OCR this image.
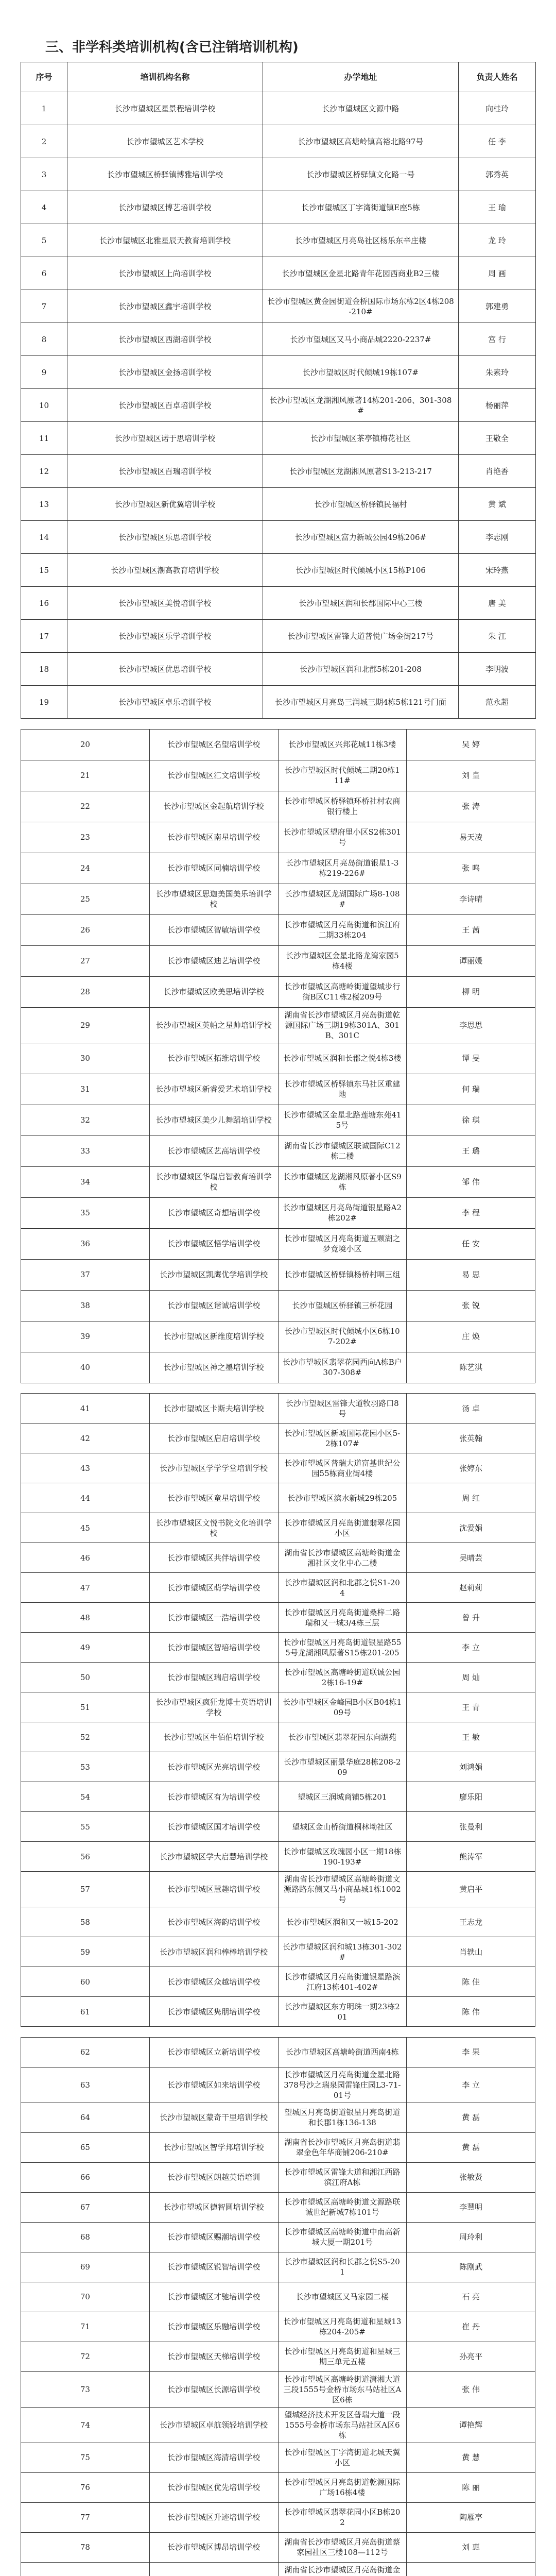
三、非学科类培训机构(含已注销培训机构)
序号	培训机构名称	办学地址	负责人姓名
1	长沙市望城区星景程培训学校	长沙市望城区文源中路	向桂玲
2	长沙市望城区艺术学校	长沙市望城区高塘岭镇高裕北路97号	任 李
3	长沙市望城区桥驿镇博雅培训学校	长沙市望城区桥驿镇文化路一号	郭秀英
4	长沙市望城区博艺培训学校	长沙市望城区丁字湾街道镇E座5栋	王 瑜
5	长沙市望城区北雅星辰天教育培训学校	长沙市望城区月亮岛社区杨乐东辛庄楼	龙 玲
6	长沙市望城区上尚培训学校	长沙市望城区金星北路青年花园西商业B2三楼	周 画
7	长沙市望城区鑫宇培训学校	长沙市望城区黄金园街道金桥国际市场东栋2区4栋208-210#	郭建勇
8	长沙市望城区西湖培训学校	长沙市望城区又马小商品城2220-2237#	宫 行
9	长沙市望城区金扬培训学校	长沙市望城区时代倾城19栋107#	朱素玲
10	长沙市望城区百卓培训学校	长沙市望城区龙湖湘风原著14栋201-206、301-308#	杨丽萍
11	长沙市望城区诺于思培训学校	长沙市望城区茶亭镇梅花社区	王敬全
12	长沙市望城区百瑞培训学校	长沙市望城区龙湖湘风原著S13-213-217	肖艳香
13	长沙市望城区新优翼培训学校	长沙市望城区桥驿镇民福村	黄 斌
14	长沙市望城区乐思培训学校	长沙市望城区富力新城公园49栋206#	李志刚
15	长沙市望城区潮高教育培训学校	长沙市望城区时代倾城小区15栋P106	宋玲燕
16	长沙市望城区美悦培训学校	长沙市望城区润和长郡国际中心三楼	唐 美
17	长沙市望城区乐学培训学校	长沙市望城区雷锋大道普悦广场金街217号	朱 江
18	长沙市望城区优思培训学校	长沙市望城区润和北郡5栋201-208	李明波
19	长沙市望城区卓乐培训学校	长沙市望城区月亮岛三润城三期4栋5栋121号门面	范永超

20	长沙市望城区名望培训学校	长沙市望城区兴邦花城11栋3楼	吴 婷
21	长沙市望城区汇文培训学校	长沙市望城区时代倾城二期20栋111#	刘 皇
22	长沙市望城区金起航培训学校	长沙市望城区桥驿镇环桥社村农商银行楼上	张 涛
23	长沙市望城区南星培训学校	长沙市望城区望府里小区S2栋301号	易天凌
24	长沙市望城区同楠培训学校	长沙市望城区月亮岛街道银星1-3栋219-226#	张 鸣
25	长沙市望城区思迦美国美乐培训学校	长沙市望城区龙湖国际广场8-108#	李诗晴
26	长沙市望城区智敏培训学校	长沙市望城区月亮岛街道和滨江府二期33栋204	王 茜
27	长沙市望城区迪艺培训学校	长沙市望城区金星北路龙湾家园5栋4楼	谭丽媛
28	长沙市望城区欧美思培训学校	长沙市望城区高塘岭街道望城步行街B区C11栋2楼209号	柳 明
29	长沙市望城区英帕之星帅培训学校	湖南省长沙市望城区月亮岛街道乾源国际广场三期19栋301A、301B、301C	李思思
30	长沙市望城区拓维培训学校	长沙市望城区润和长郡之悦4栋3楼	谭 旻
31	长沙市望城区新睿爱艺术培训学校	长沙市望城区桥驿镇东马社区重建地	何 瑞
32	长沙市望城区美少儿舞蹈培训学校	长沙市望城区金星北路莲塘东苑415号	徐 琪
33	长沙市望城区艺高培训学校	湖南省长沙市望城区联诚国际C12栋二楼	王 璐
34	长沙市望城区华瑞启智教育培训学校	长沙市望城区龙湖湘风原著小区S9栋	邹 伟
35	长沙市望城区奇想培训学校	长沙市望城区月亮岛街道银星路A2栋202#	李 程
36	长沙市望城区悟学培训学校	长沙市望城区月亮岛街道五颗湖之梦竟境小区	任 安
37	长沙市望城区凯鹰优学培训学校	长沙市望城区桥驿镇杨桥村咽三组	易 思
38	长沙市望城区谐诚培训学校	长沙市望城区桥驿镇三桥花园	张 锐
39	长沙市望城区新维度培训学校	长沙市望城区时代倾城小区6栋107-202#	庄 焕
40	长沙市望城区神之墨培训学校	长沙市望城区翡翠花园西向A栋B户307-308#	陈艺淇

41	长沙市望城区卡斯夫培训学校	长沙市望城区雷锋大道牧羽路口8号	汤 卓
42	长沙市望城区启启培训学校	长沙市望城区新城国际花园小区5-2栋107#	张英翰
43	长沙市望城区学学学堂培训学校	长沙市望城区普瑞大道富基世纪公园55栋商业街4楼	张婷东
44	长沙市望城区童星培训学校	长沙市望城区滨水新城29栋205	周 红
45	长沙市望城区文悦书院文化培训学校	长沙市望城区月亮岛街道翡翠花园小区	沈爱娟
46	长沙市望城区共伴培训学校	湖南省长沙市望城区高塘岭街道金湘社区文化中心二楼	吴晴芸
47	长沙市望城区萌学培训学校	长沙市望城区润和北郡之悦S1-204	赵莉莉
48	长沙市望城区一浩培训学校	长沙市望城区月亮岛街道桑梓二路瑞和又一城3/4栋三层	曾 升
49	长沙市望城区智培培训学校	长沙市望城区月亮岛街道银星路555号龙湖湘风原著S15栋201-205	李 立
50	长沙市望城区瑞启培训学校	长沙市望城区高塘岭街道联诚公园2栋16-19#	周 灿
51	长沙市望城区疯狂龙博士英语培训学校	长沙市望城区金峰园B小区B04栋109号	王 青
52	长沙市望城区牛佰伯培训学校	长沙市望城区翡翠花园东向湖苑	王 敏
53	长沙市望城区光亮培训学校	长沙市望城区丽景华庭28栋208-209	刘鸿娟
54	长沙市望城区有为培训学校	望城区三润城商铺5栋201	廖乐阳
55	长沙市望城区国才培训学校	望城区金山桥街道桐林坳社区	张曼利
56	长沙市望城区学大启慧培训学校	长沙市望城区玫瑰园小区一期18栋190-193#	熊涛军
57	长沙市望城区慧趣培训学校	湖南省长沙市望城区高塘岭街道文源路路东侧又马小商品城1栋1002号	黄启平
58	长沙市望城区海韵培训学校	长沙市望城区润和又一城15-202	王志龙
59	长沙市望城区润和棒棒培训学校	长沙市望城区润和城13栋301-302#	肖轶山
60	长沙市望城区众越培训学校	长沙市望城区月亮岛街道银星路滨江府13栋401-402#	陈 佳
61	长沙市望城区隽朋培训学校	长沙市望城区东方明珠一期23栋201	陈 伟

62	长沙市望城区立新培训学校	长沙市望城区高塘岭街道西南4栋	李 果
63	长沙市望城区如来培训学校	长沙市望城区月亮岛街道金星北路378号沙之瑞泉园雷锋庄园L3-71-01号	李 立
64	长沙市望城区蒙奇干里培训学校	望城区月亮岛街道银星月亮岛街道和长郡1栋136-138	黄 磊
65	长沙市望城区智学邦培训学校	湖南省长沙市望城区月亮岛街道翡翠金色年华商铺206-210#	黄 磊
66	长沙市望城区朗越英语培训	长沙市望城区雷锋大道和湘江西路滨江府A栋	张敏贤
67	长沙市望城区德智圆培训学校	长沙市望城区高塘岭街道文源路联诚世纪新城7栋101号	李慧明
68	长沙市望城区赐潮培训学校	长沙市望城区高塘岭街道中南高新城大厦一期201号	周玲利
69	长沙市望城区锐智培训学校	长沙市望城区润和长郡之悦S5-201	陈刚武
70	长沙市望城区才驰培训学校	长沙市望城区又马家园二楼	石 亮
71	长沙市望城区乐融培训学校	长沙市望城区月亮岛街道和星城13栋204-205#	崔 丹
72	长沙市望城区天梯培训学校	长沙市望城区月亮岛街道和星城三期三单元五楼	孙亮平
73	长沙市望城区长源培训学校	长沙市望城区高塘岭街道潇湘大道三段1555号金桥市场东马站社区A区6栋	张 伟
74	长沙市望城区卓航领轻培训学校	望城经济技术开发区普瑞大道一段1555号金桥市场东马站社区A区6栋	谭艳辉
75	长沙市望城区海清培训学校	长沙市望城区丁字湾街道北城天翼小区	黄 慧
76	长沙市望城区优先培训学校	长沙市望城区月亮岛街道乾源国际广场16栋4楼	陈 丽
77	长沙市望城区升迹培训学校	长沙市望城区翡翠花园小区B栋202	陶雁亭
78	长沙市望城区博昂培训学校	湖南省长沙市望城区月亮岛街道蔡家园社区三楼108—112号	刘 惠
		湖南省长沙市望城区月亮岛街道金	
